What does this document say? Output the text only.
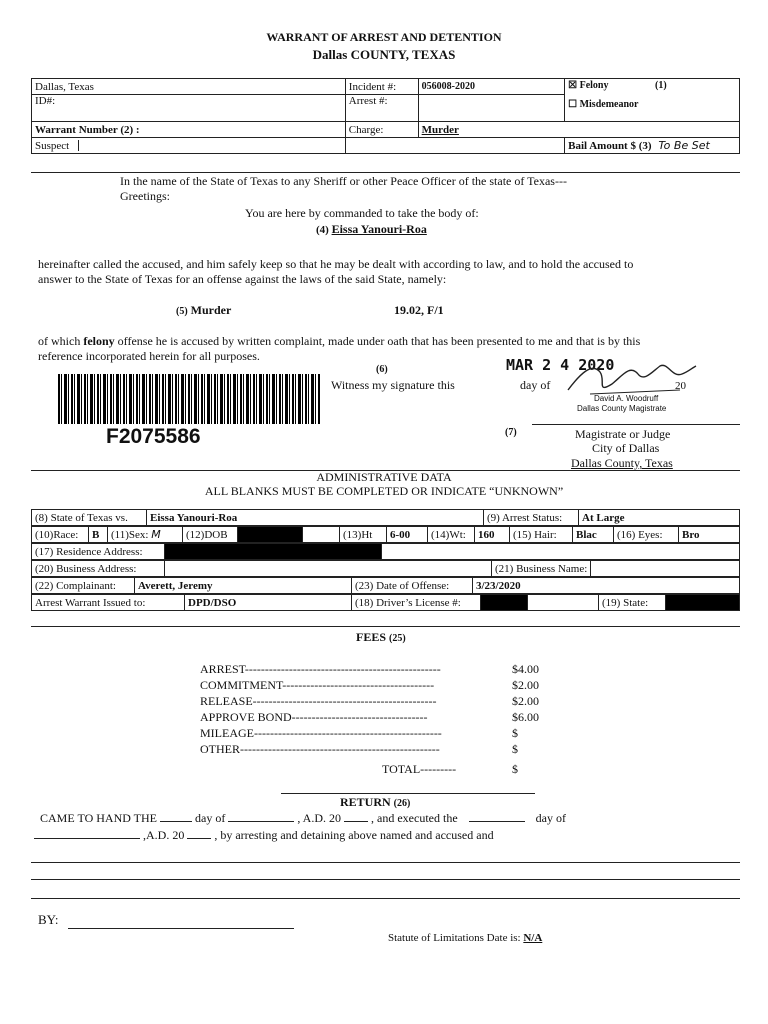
WARRANT OF ARREST AND DETENTION
Dallas COUNTY, TEXAS
Dallas, Texas	Incident #:	056008-2020	☒ Felony (1)
☐ Misdemeanor

ID#:	Arrest #:		
Warrant Number (2) :	Charge:	Murder	
Suspect			Bail Amount $ (3) To Be Set
In the name of the State of Texas to any Sheriff or other Peace Officer of the state of Texas---
Greetings:
You are here by commanded to take the body of:
(4) Eissa Yanouri-Roa
hereinafter called the accused, and him safely keep so that he may be dealt with according to law, and to hold the accused to
answer to the State of Texas for an offense against the laws of the said State, namely:
(5) Murder	19.02, F/1
of which felony offense he is accused by written complaint, made under oath that has been presented to me and that is by this
reference incorporated herein for all purposes.
F2075586
(6)
Witness my signature this	day of
MAR 2 4 2020
20
David A. Woodruff
Dallas County Magistrate
(7)	Magistrate or Judge
City of Dallas
Dallas County, Texas
ADMINISTRATIVE DATA
ALL BLANKS MUST BE COMPLETED OR INDICATE “UNKNOWN”
(8) State of Texas vs.	Eissa Yanouri-Roa	(9) Arrest Status:	At Large
(10)Race:	B	(11)Sex: M	(12)DOB			(13)Ht	6-00	(14)Wt:	160	(15) Hair:	Blac	(16) Eyes:	Bro
(17) Residence Address:		
(20) Business Address:		(21) Business Name:	
(22) Complainant:	Averett, Jeremy	(23) Date of Offense:	3/23/2020
Arrest Warrant Issued to:	DPD/DSO	(18) Driver’s License #:			(19) State:	
FEES (25)
ARREST-------------------------------------------------	$4.00
COMMITMENT--------------------------------------	$2.00
RELEASE----------------------------------------------	$2.00
APPROVE BOND----------------------------------	$6.00
MILEAGE-----------------------------------------------	$
OTHER--------------------------------------------------	$
TOTAL---------	$
RETURN (26)
CAME TO HAND THE	day of	, A.D. 20	, and executed the	day of
,A.D. 20	, by arresting and detaining above named and accused and
BY:
Statute of Limitations Date is: N/A
